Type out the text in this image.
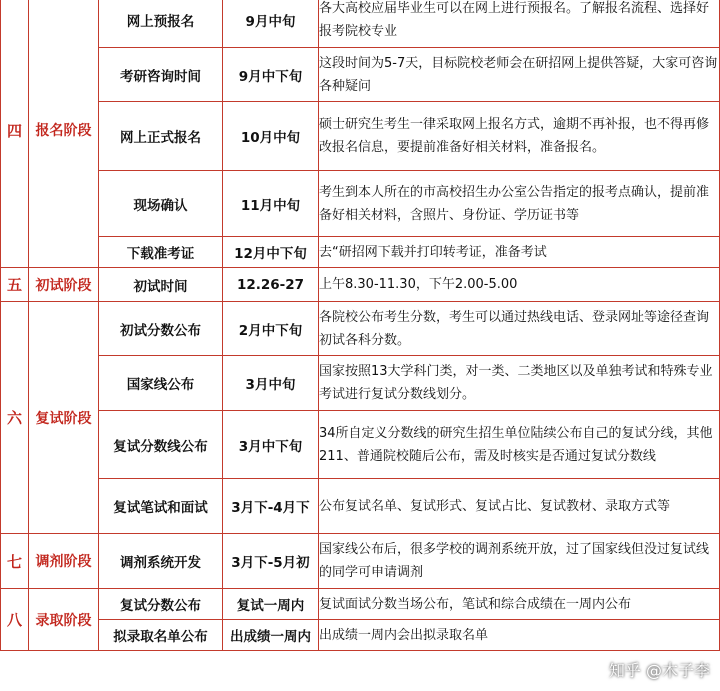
四	报名阶段	网上预报名	9月中旬	各大高校应届毕业生可以在网上进行预报名。了解报名流程、选择好报考院校专业
		考研咨询时间	9月中下旬	这段时间为5-7天，目标院校老师会在研招网上提供答疑，大家可咨询各种疑问
		网上正式报名	10月中旬	硕士研究生考生一律采取网上报名方式，逾期不再补报，也不得再修改报名信息，要提前准备好相关材料，准备报名。
		现场确认	11月中旬	考生到本人所在的市高校招生办公室公告指定的报考点确认，提前准备好相关材料，含照片、身份证、学历证书等
		下载准考证	12月中下旬	去“研招网下载并打印转考证，准备考试
五	初试阶段	初试时间	12.26-27	上午8.30-11.30，下午2.00-5.00
六	复试阶段	初试分数公布	2月中下旬	各院校公布考生分数，考生可以通过热线电话、登录网址等途径查询初试各科分数。
		国家线公布	3月中旬	国家按照13大学科门类，对一类、二类地区以及单独考试和特殊专业考试进行复试分数线划分。
		复试分数线公布	3月中下旬	34所自定义分数线的研究生招生单位陆续公布自己的复试分线，其他211、普通院校随后公布，需及时核实是否通过复试分数线
		复试笔试和面试	3月下-4月下	公布复试名单、复试形式、复试占比、复试教材、录取方式等
七	调剂阶段	调剂系统开发	3月下-5月初	国家线公布后，很多学校的调剂系统开放，过了国家线但没过复试线的同学可申请调剂
八	录取阶段	复试分数公布	复试一周内	复试面试分数当场公布，笔试和综合成绩在一周内公布
		拟录取名单公布	出成绩一周内	出成绩一周内会出拟录取名单
知乎 @木子李
